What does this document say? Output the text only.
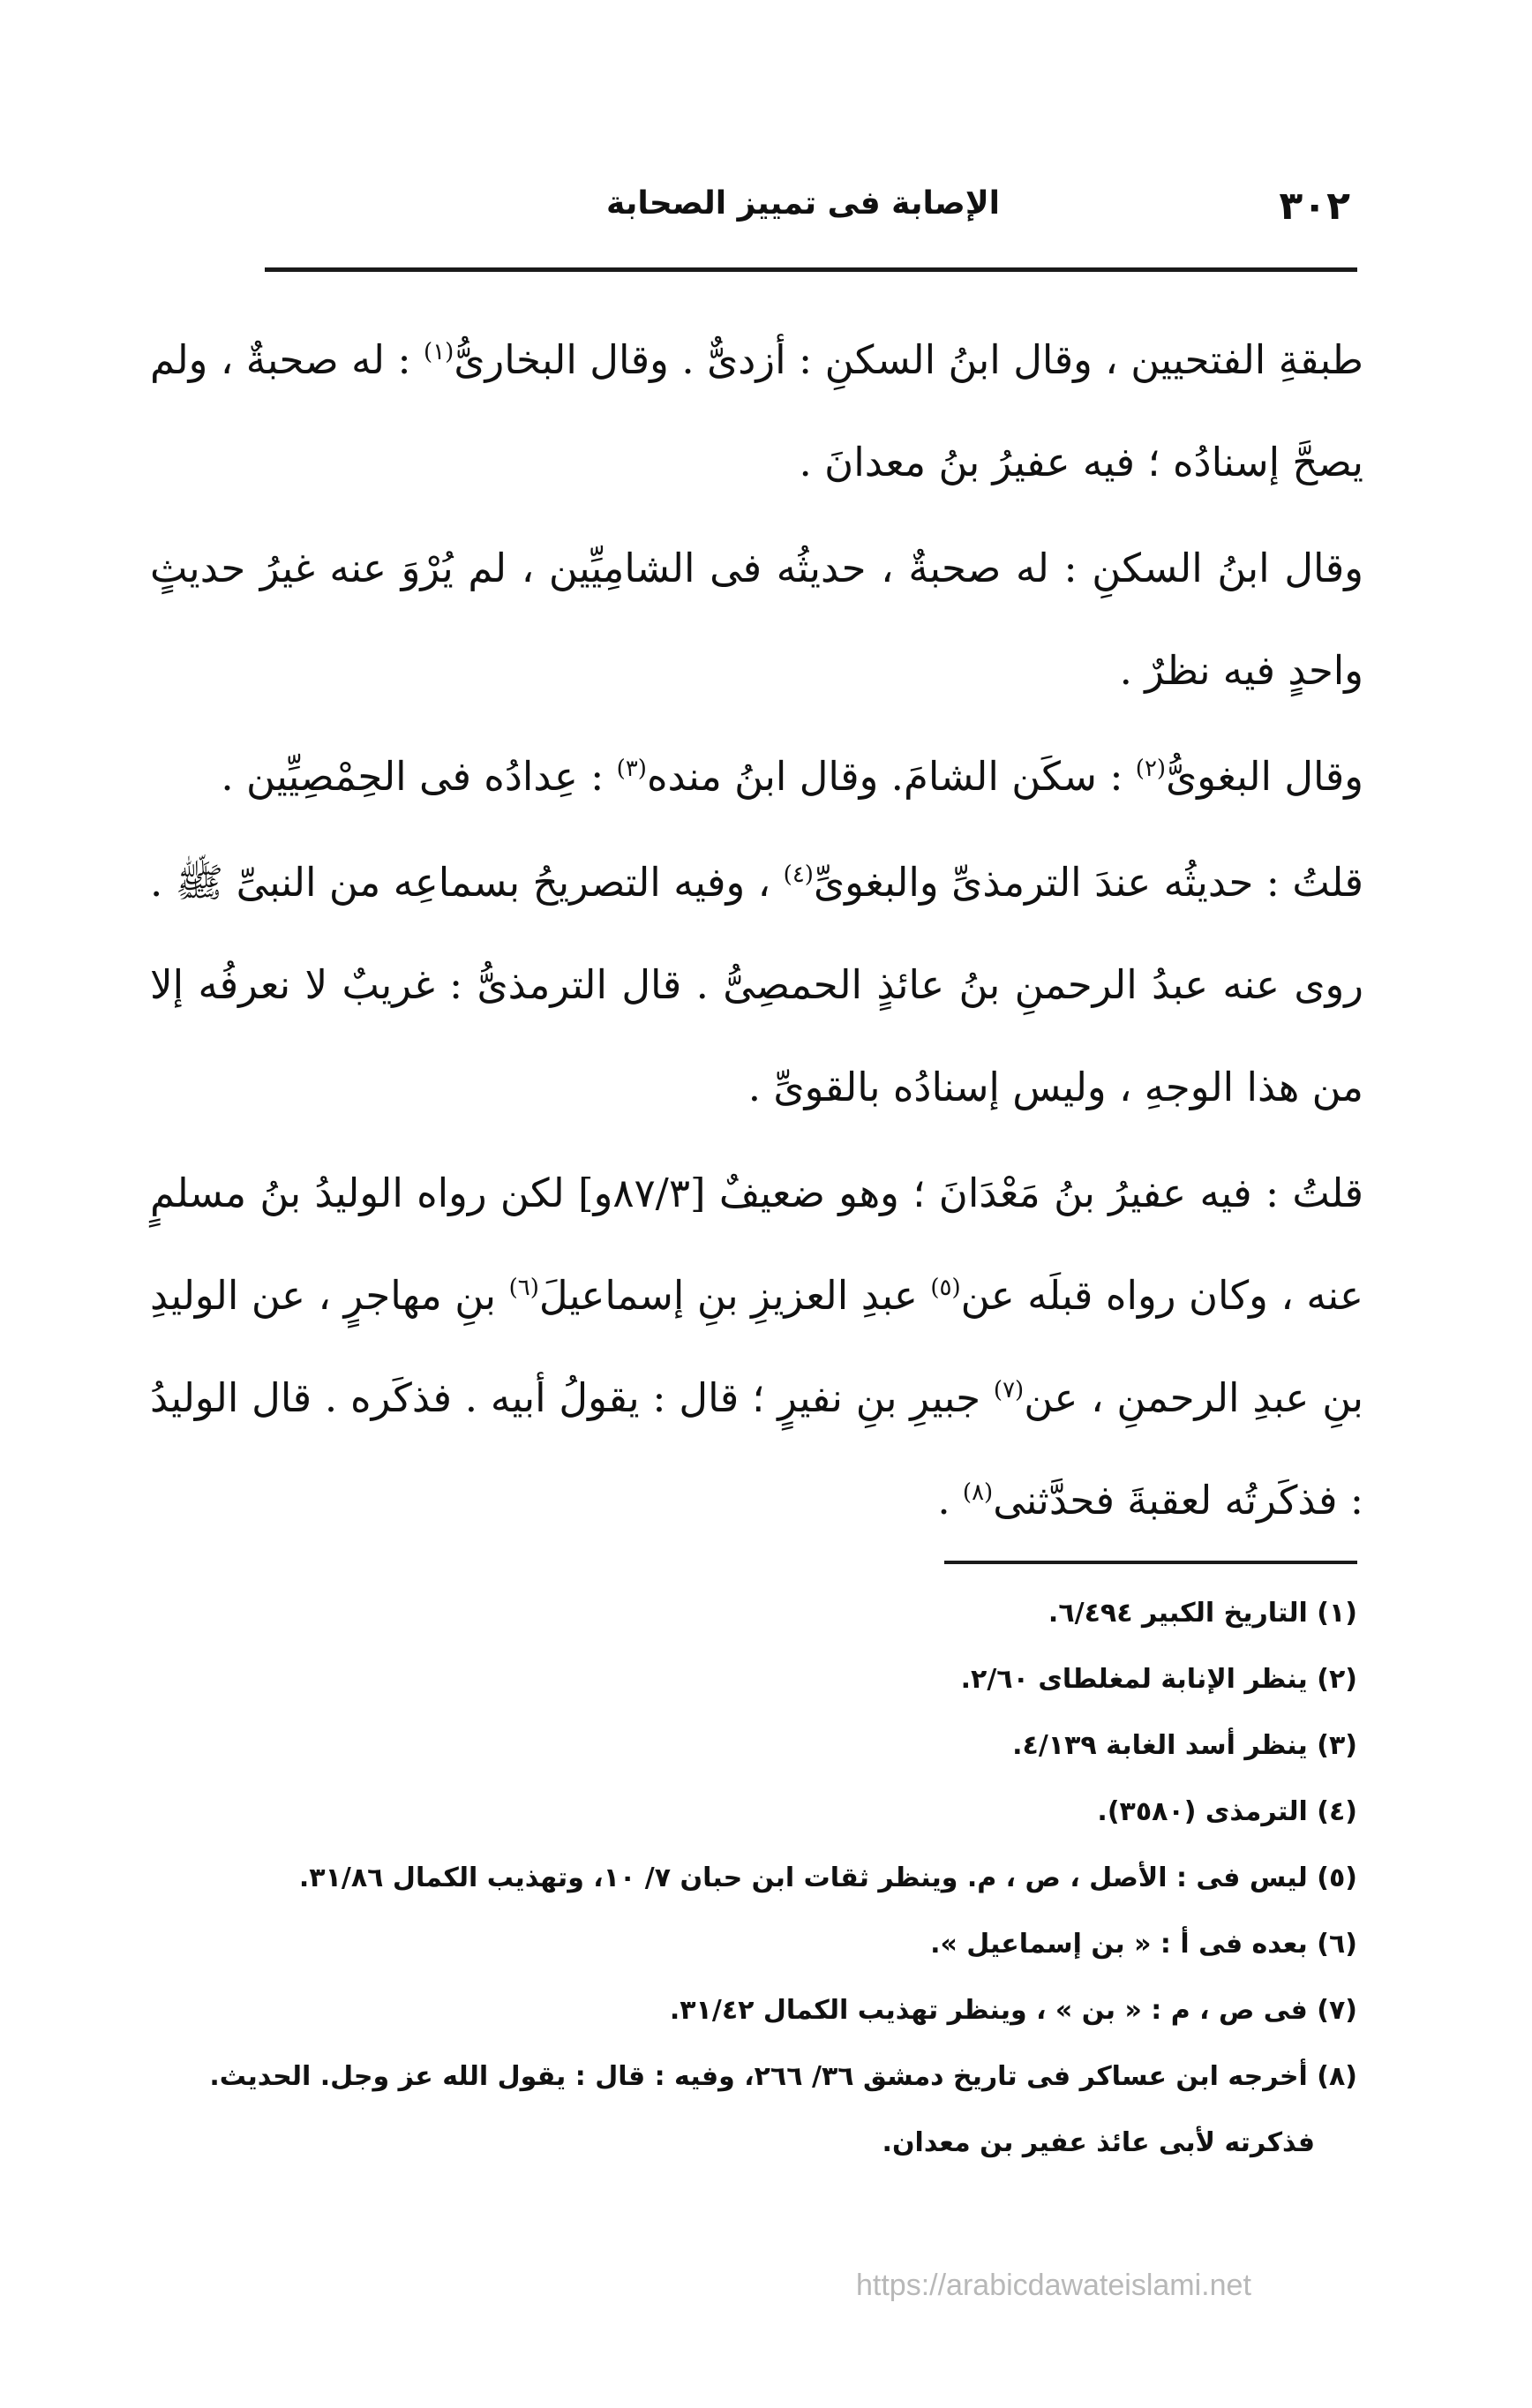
٣٠٢
الإصابة فى تمييز الصحابة

طبقةِ الفتحيين ، وقال ابنُ السكنِ : أزدىٌّ . وقال البخارىُّ$^{(١)}$ : له صحبةٌ ، ولم يصحَّ إسنادُه ؛ فيه عفيرُ بنُ معدانَ .

وقال ابنُ السكنِ : له صحبةٌ ، حديثُه فى الشامِيِّين ، لم يُرْوَ عنه غيرُ حديثٍ واحدٍ فيه نظرٌ .

وقال البغوىُّ$^{(٢)}$ : سكَن الشامَ. وقال ابنُ منده$^{(٣)}$ : عِدادُه فى الحِمْصِيِّين .

قلتُ : حديثُه عندَ الترمذىِّ والبغوىِّ$^{(٤)}$ ، وفيه التصريحُ بسماعِه من النبىِّ ﷺ . روى عنه عبدُ الرحمنِ بنُ عائذٍ الحمصِىُّ . قال الترمذىُّ : غريبٌ لا نعرفُه إلا من هذا الوجهِ ، وليس إسنادُه بالقوىِّ .

قلتُ : فيه عفيرُ بنُ مَعْدَانَ ؛ وهو ضعيفٌ [٨٧/٣و] لكن رواه الوليدُ بنُ مسلمٍ عنه ، وكان رواه قبلَه عن$^{(٥)}$ عبدِ العزيزِ بنِ إسماعيلَ$^{(٦)}$ بنِ مهاجرٍ ، عن الوليدِ بنِ عبدِ الرحمنِ ، عن$^{(٧)}$ جبيرِ بنِ نفيرٍ ؛ قال : يقولُ أبيه . فذكَره . قال الوليدُ : فذكَرتُه لعقبةَ فحدَّثنى$^{(٨)}$ .

(١) التاريخ الكبير ٦/٤٩٤.

(٢) ينظر الإنابة لمغلطاى ٢/٦٠.

(٣) ينظر أسد الغابة ٤/١٣٩.

(٤) الترمذى (٣٥٨٠).

(٥) ليس فى : الأصل ، ص ، م. وينظر ثقات ابن حبان ٧/ ١٠، وتهذيب الكمال ٣١/٨٦.

(٦) بعده فى أ : « بن إسماعيل ».

(٧) فى ص ، م : « بن » ، وينظر تهذيب الكمال ٣١/٤٢.

(٨) أخرجه ابن عساكر فى تاريخ دمشق ٣٦/ ٢٦٦، وفيه : قال : يقول الله عز وجل. الحديث.
فذكرته لأبى عائذ عفير بن معدان.

https://arabicdawateislami.net
